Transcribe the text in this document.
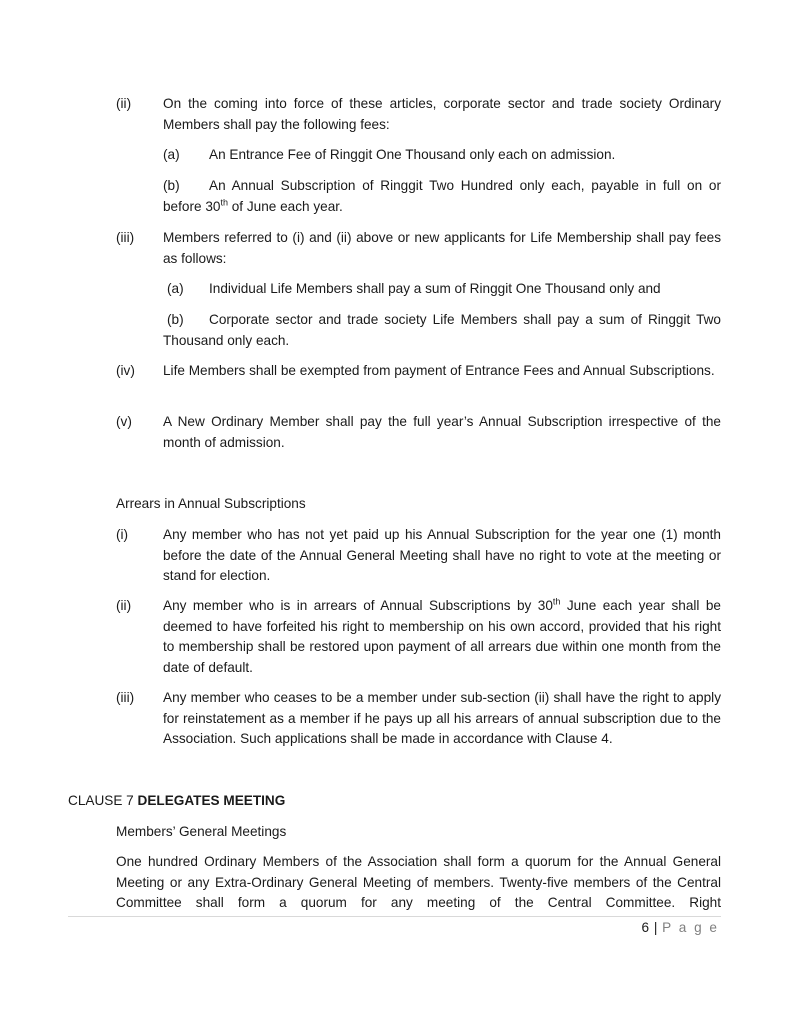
(ii)	On the coming into force of these articles, corporate sector and trade society Ordinary Members shall pay the following fees:
(a) An Entrance Fee of Ringgit One Thousand only each on admission.
(b) An Annual Subscription of Ringgit Two Hundred only each, payable in full on or before 30th of June each year.
(iii)	Members referred to (i) and (ii) above or new applicants for Life Membership shall pay fees as follows:
(a) Individual Life Members shall pay a sum of Ringgit One Thousand only and
(b) Corporate sector and trade society Life Members shall pay a sum of Ringgit Two Thousand only each.
(iv)	Life Members shall be exempted from payment of Entrance Fees and Annual Subscriptions.
(v)	A New Ordinary Member shall pay the full year’s Annual Subscription irrespective of the month of admission.
Arrears in Annual Subscriptions
(i)	Any member who has not yet paid up his Annual Subscription for the year one (1) month before the date of the Annual General Meeting shall have no right to vote at the meeting or stand for election.
(ii)	Any member who is in arrears of Annual Subscriptions by 30th June each year shall be deemed to have forfeited his right to membership on his own accord, provided that his right to membership shall be restored upon payment of all arrears due within one month from the date of default.
(iii)	Any member who ceases to be a member under sub-section (ii) shall have the right to apply for reinstatement as a member if he pays up all his arrears of annual subscription due to the Association. Such applications shall be made in accordance with Clause 4.
CLAUSE 7 DELEGATES MEETING
Members’ General Meetings
One hundred Ordinary Members of the Association shall form a quorum for the Annual General Meeting or any Extra-Ordinary General Meeting of members. Twenty-five members of the Central Committee shall form a quorum for any meeting of the Central Committee. Right
6 | P a g e
